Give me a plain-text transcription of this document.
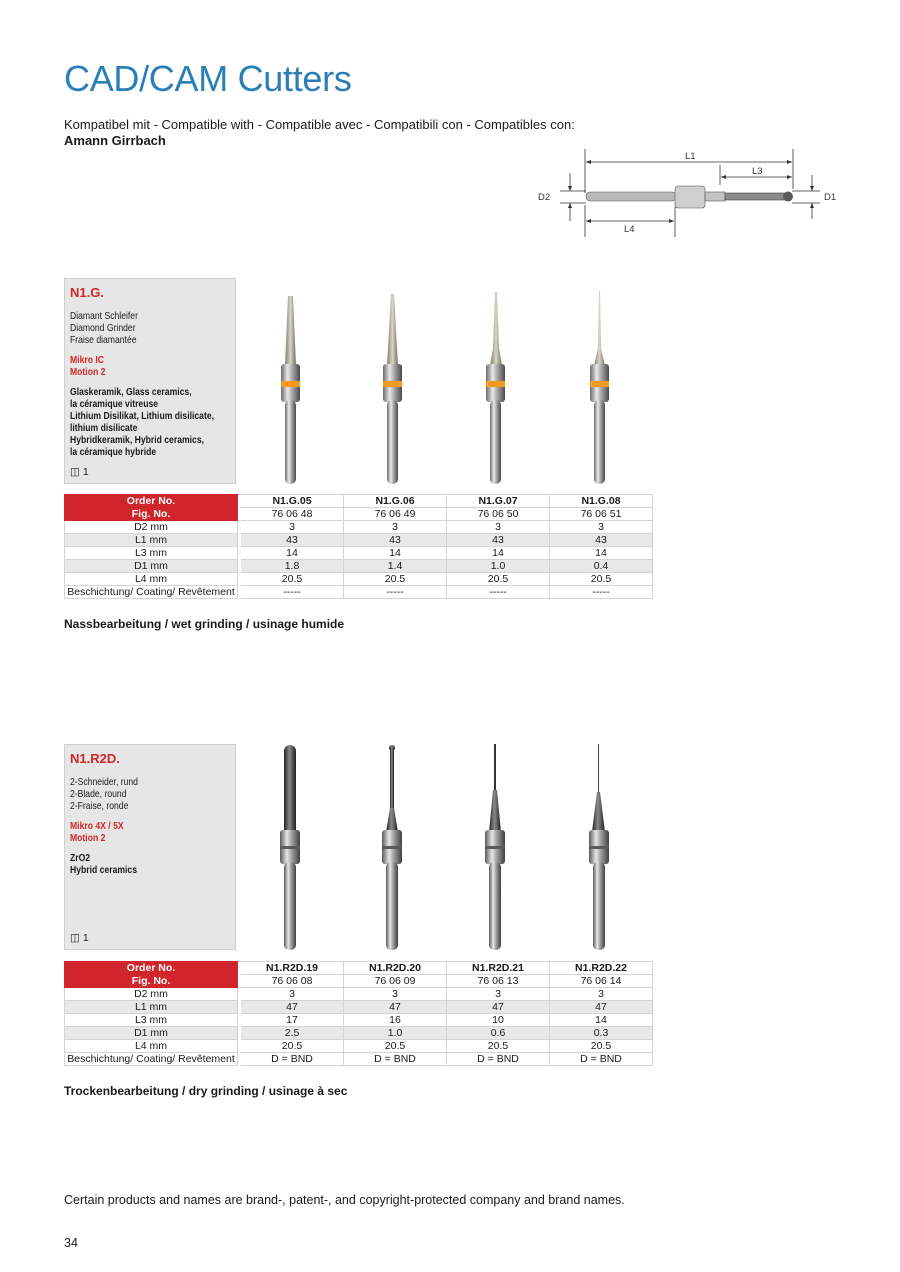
CAD/CAM Cutters
Kompatibel mit - Compatible with - Compatible avec - Compatibili con - Compatibles con:
Amann Girrbach
L1
L3
L4
D2	D1
N1.G.
Diamant Schleifer
Diamond Grinder
Fraise diamantée
Mikro IC
Motion 2
Glaskeramik, Glass ceramics,
la céramique vitreuse
Lithium Disilikat, Lithium disilicate,
lithium disilicate
Hybridkeramik, Hybrid ceramics,
la céramique hybride
◫ 1
Order No.		N1.G.05	N1.G.06	N1.G.07	N1.G.08
Fig. No.		76 06 48	76 06 49	76 06 50	76 06 51
D2 mm		3	3	3	3
L1 mm		43	43	43	43
L3 mm		14	14	14	14
D1 mm		1.8	1.4	1.0	0.4
L4 mm		20.5	20.5	20.5	20.5
Beschichtung/ Coating/ Revêtement		-----	-----	-----	-----
Nassbearbeitung / wet grinding / usinage humide
N1.R2D.
2-Schneider, rund
2-Blade, round
2-Fraise, ronde
Mikro 4X / 5X
Motion 2
ZrO2
Hybrid ceramics
◫ 1
Order No.		N1.R2D.19	N1.R2D.20	N1.R2D.21	N1.R2D.22
Fig. No.		76 06 08	76 06 09	76 06 13	76 06 14
D2 mm		3	3	3	3
L1 mm		47	47	47	47
L3 mm		17	16	10	14
D1 mm		2.5	1.0	0.6	0.3
L4 mm		20.5	20.5	20.5	20.5
Beschichtung/ Coating/ Revêtement		D = BND	D = BND	D = BND	D = BND
Trockenbearbeitung / dry grinding / usinage à sec
Certain products and names are brand-, patent-, and copyright-protected company and brand names.
34
